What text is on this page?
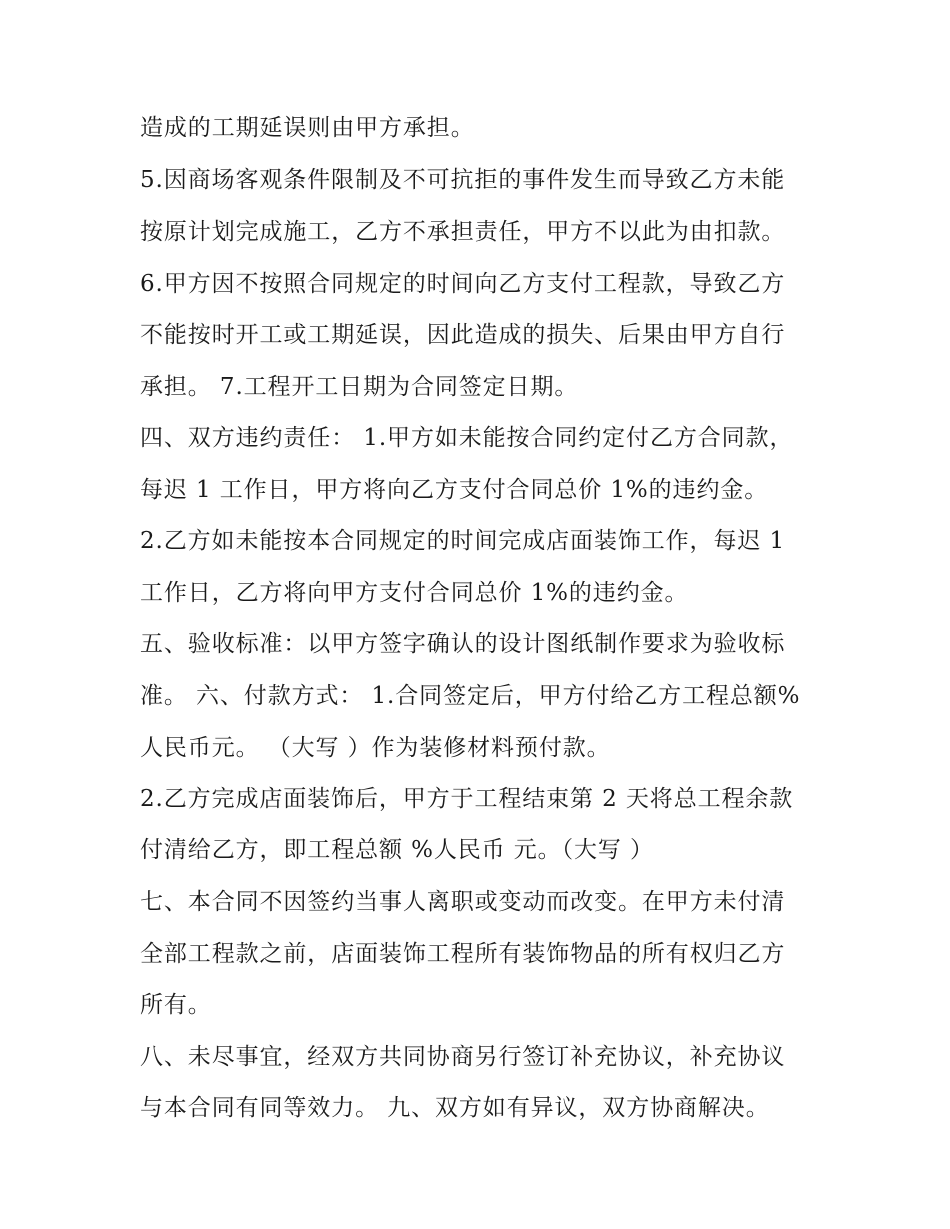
造成的工期延误则由甲方承担。
5.因商场客观条件限制及不可抗拒的事件发生而导致乙方未能
按原计划完成施工，乙方不承担责任，甲方不以此为由扣款。
6.甲方因不按照合同规定的时间向乙方支付工程款，导致乙方
不能按时开工或工期延误，因此造成的损失、后果由甲方自行
承担。 7.工程开工日期为合同签定日期。
四、双方违约责任： 1.甲方如未能按合同约定付乙方合同款，
每迟 1 工作日，甲方将向乙方支付合同总价 1%的违约金。
2.乙方如未能按本合同规定的时间完成店面装饰工作，每迟 1
工作日，乙方将向甲方支付合同总价 1%的违约金。
五、验收标准：以甲方签字确认的设计图纸制作要求为验收标
准。 六、付款方式： 1.合同签定后，甲方付给乙方工程总额%
人民币元。 （大写 ）作为装修材料预付款。
2.乙方完成店面装饰后，甲方于工程结束第 2 天将总工程余款
付清给乙方，即工程总额 %人民币 元。（大写 ）
七、本合同不因签约当事人离职或变动而改变。在甲方未付清
全部工程款之前，店面装饰工程所有装饰物品的所有权归乙方
所有。
八、未尽事宜，经双方共同协商另行签订补充协议，补充协议
与本合同有同等效力。 九、双方如有异议，双方协商解决。
